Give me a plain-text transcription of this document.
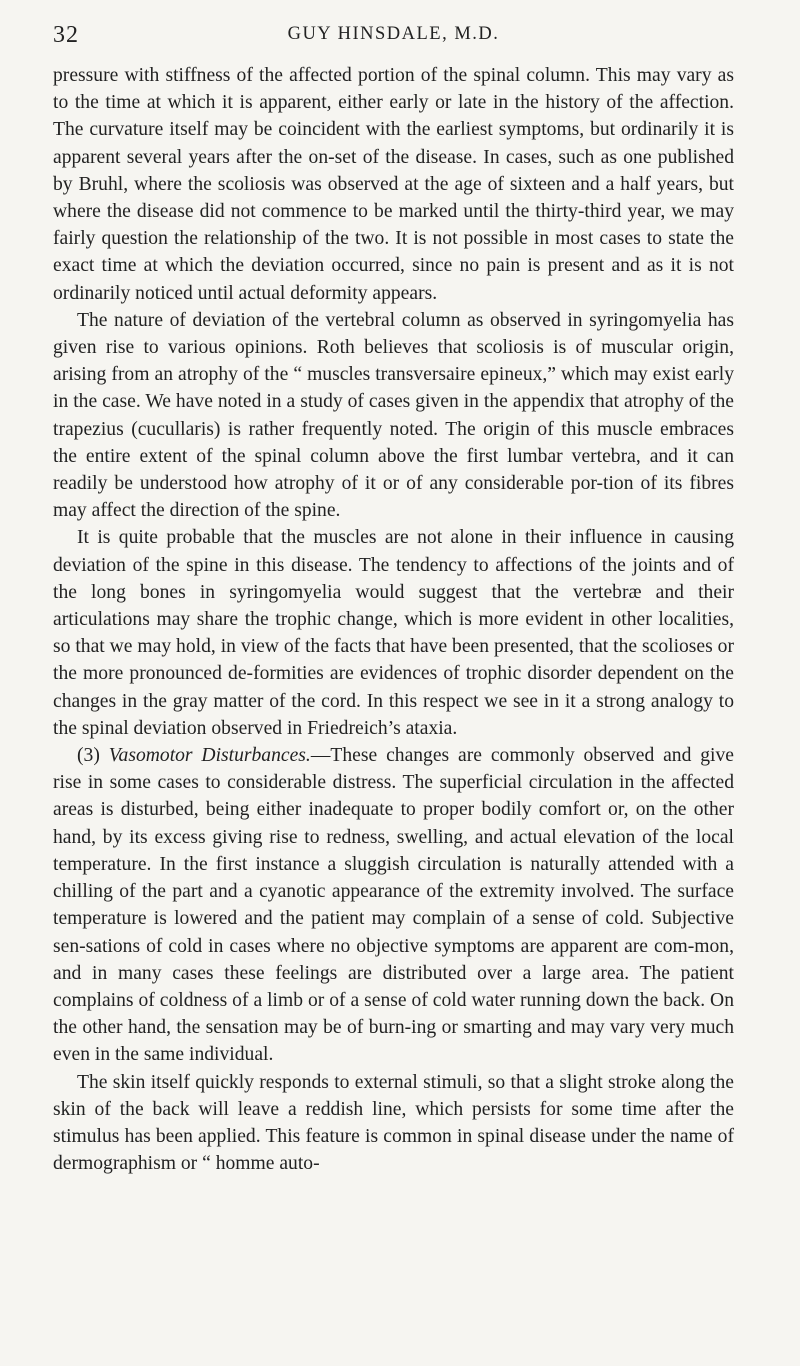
32	GUY HINSDALE, M.D.

pressure with stiffness of the affected portion of the spinal column. This may vary as to the time at which it is apparent, either early or late in the history of the affection. The curvature itself may be coincident with the earliest symptoms, but ordinarily it is apparent several years after the on-set of the disease. In cases, such as one published by Bruhl, where the scoliosis was observed at the age of sixteen and a half years, but where the disease did not commence to be marked until the thirty-third year, we may fairly question the relationship of the two. It is not possible in most cases to state the exact time at which the deviation occurred, since no pain is present and as it is not ordinarily noticed until actual deformity appears.

The nature of deviation of the vertebral column as observed in syringomyelia has given rise to various opinions. Roth believes that scoliosis is of muscular origin, arising from an atrophy of the “ muscles transversaire epineux,” which may exist early in the case. We have noted in a study of cases given in the appendix that atrophy of the trapezius (cucullaris) is rather frequently noted. The origin of this muscle embraces the entire extent of the spinal column above the first lumbar vertebra, and it can readily be understood how atrophy of it or of any considerable por-tion of its fibres may affect the direction of the spine.

It is quite probable that the muscles are not alone in their influence in causing deviation of the spine in this disease. The tendency to affections of the joints and of the long bones in syringomyelia would suggest that the vertebræ and their articulations may share the trophic change, which is more evident in other localities, so that we may hold, in view of the facts that have been presented, that the scolioses or the more pronounced de-formities are evidences of trophic disorder dependent on the changes in the gray matter of the cord. In this respect we see in it a strong analogy to the spinal deviation observed in Friedreich’s ataxia.

(3) Vasomotor Disturbances.—These changes are commonly observed and give rise in some cases to considerable distress. The superficial circulation in the affected areas is disturbed, being either inadequate to proper bodily comfort or, on the other hand, by its excess giving rise to redness, swelling, and actual elevation of the local temperature. In the first instance a sluggish circulation is naturally attended with a chilling of the part and a cyanotic appearance of the extremity involved. The surface temperature is lowered and the patient may complain of a sense of cold. Subjective sen-sations of cold in cases where no objective symptoms are apparent are com-mon, and in many cases these feelings are distributed over a large area. The patient complains of coldness of a limb or of a sense of cold water running down the back. On the other hand, the sensation may be of burn-ing or smarting and may vary very much even in the same individual.

The skin itself quickly responds to external stimuli, so that a slight stroke along the skin of the back will leave a reddish line, which persists for some time after the stimulus has been applied. This feature is common in spinal disease under the name of dermographism or “ homme auto-
